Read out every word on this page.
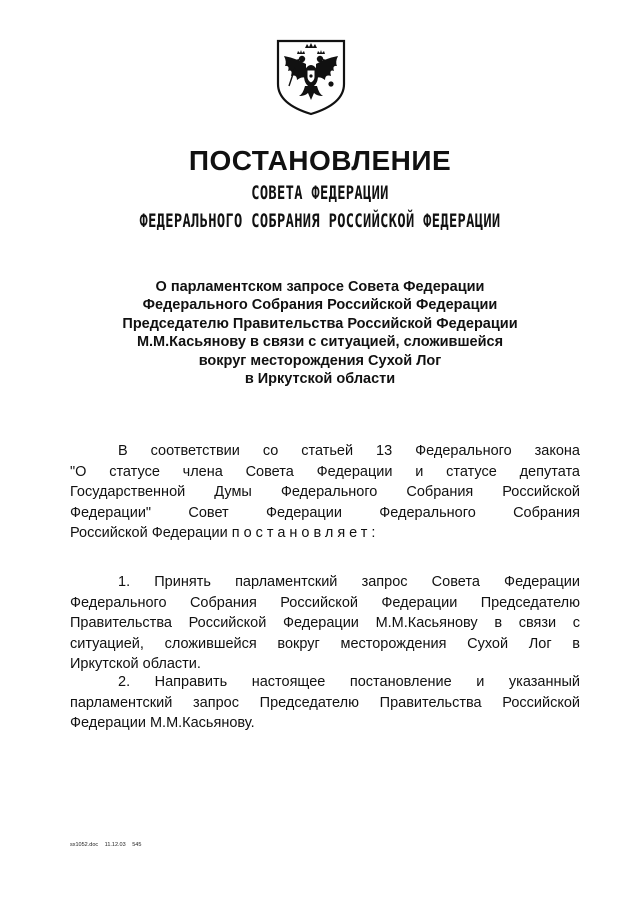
ПОСТАНОВЛЕНИЕ
СОВЕТА ФЕДЕРАЦИИ
ФЕДЕРАЛЬНОГО СОБРАНИЯ РОССИЙСКОЙ ФЕДЕРАЦИИ
О парламентском запросе Совета Федерации
Федерального Собрания Российской Федерации
Председателю Правительства Российской Федерации
М.М.Касьянову в связи с ситуацией, сложившейся
вокруг месторождения Сухой Лог
в Иркутской области
В соответствии со статьей 13 Федерального закона
"О статусе члена Совета Федерации и статусе депутата
Государственной Думы Федерального Собрания Российской
Федерации" Совет Федерации Федерального Собрания
Российской Федерации постановляет:
1. Принять парламентский запрос Совета Федерации
Федерального Собрания Российской Федерации Председателю
Правительства Российской Федерации М.М.Касьянову в связи с
ситуацией, сложившейся вокруг месторождения Сухой Лог в
Иркутской области.
2. Направить настоящее постановление и указанный
парламентский запрос Председателю Правительства Российской
Федерации М.М.Касьянову.
sx1052.doc 11.12.03 545
